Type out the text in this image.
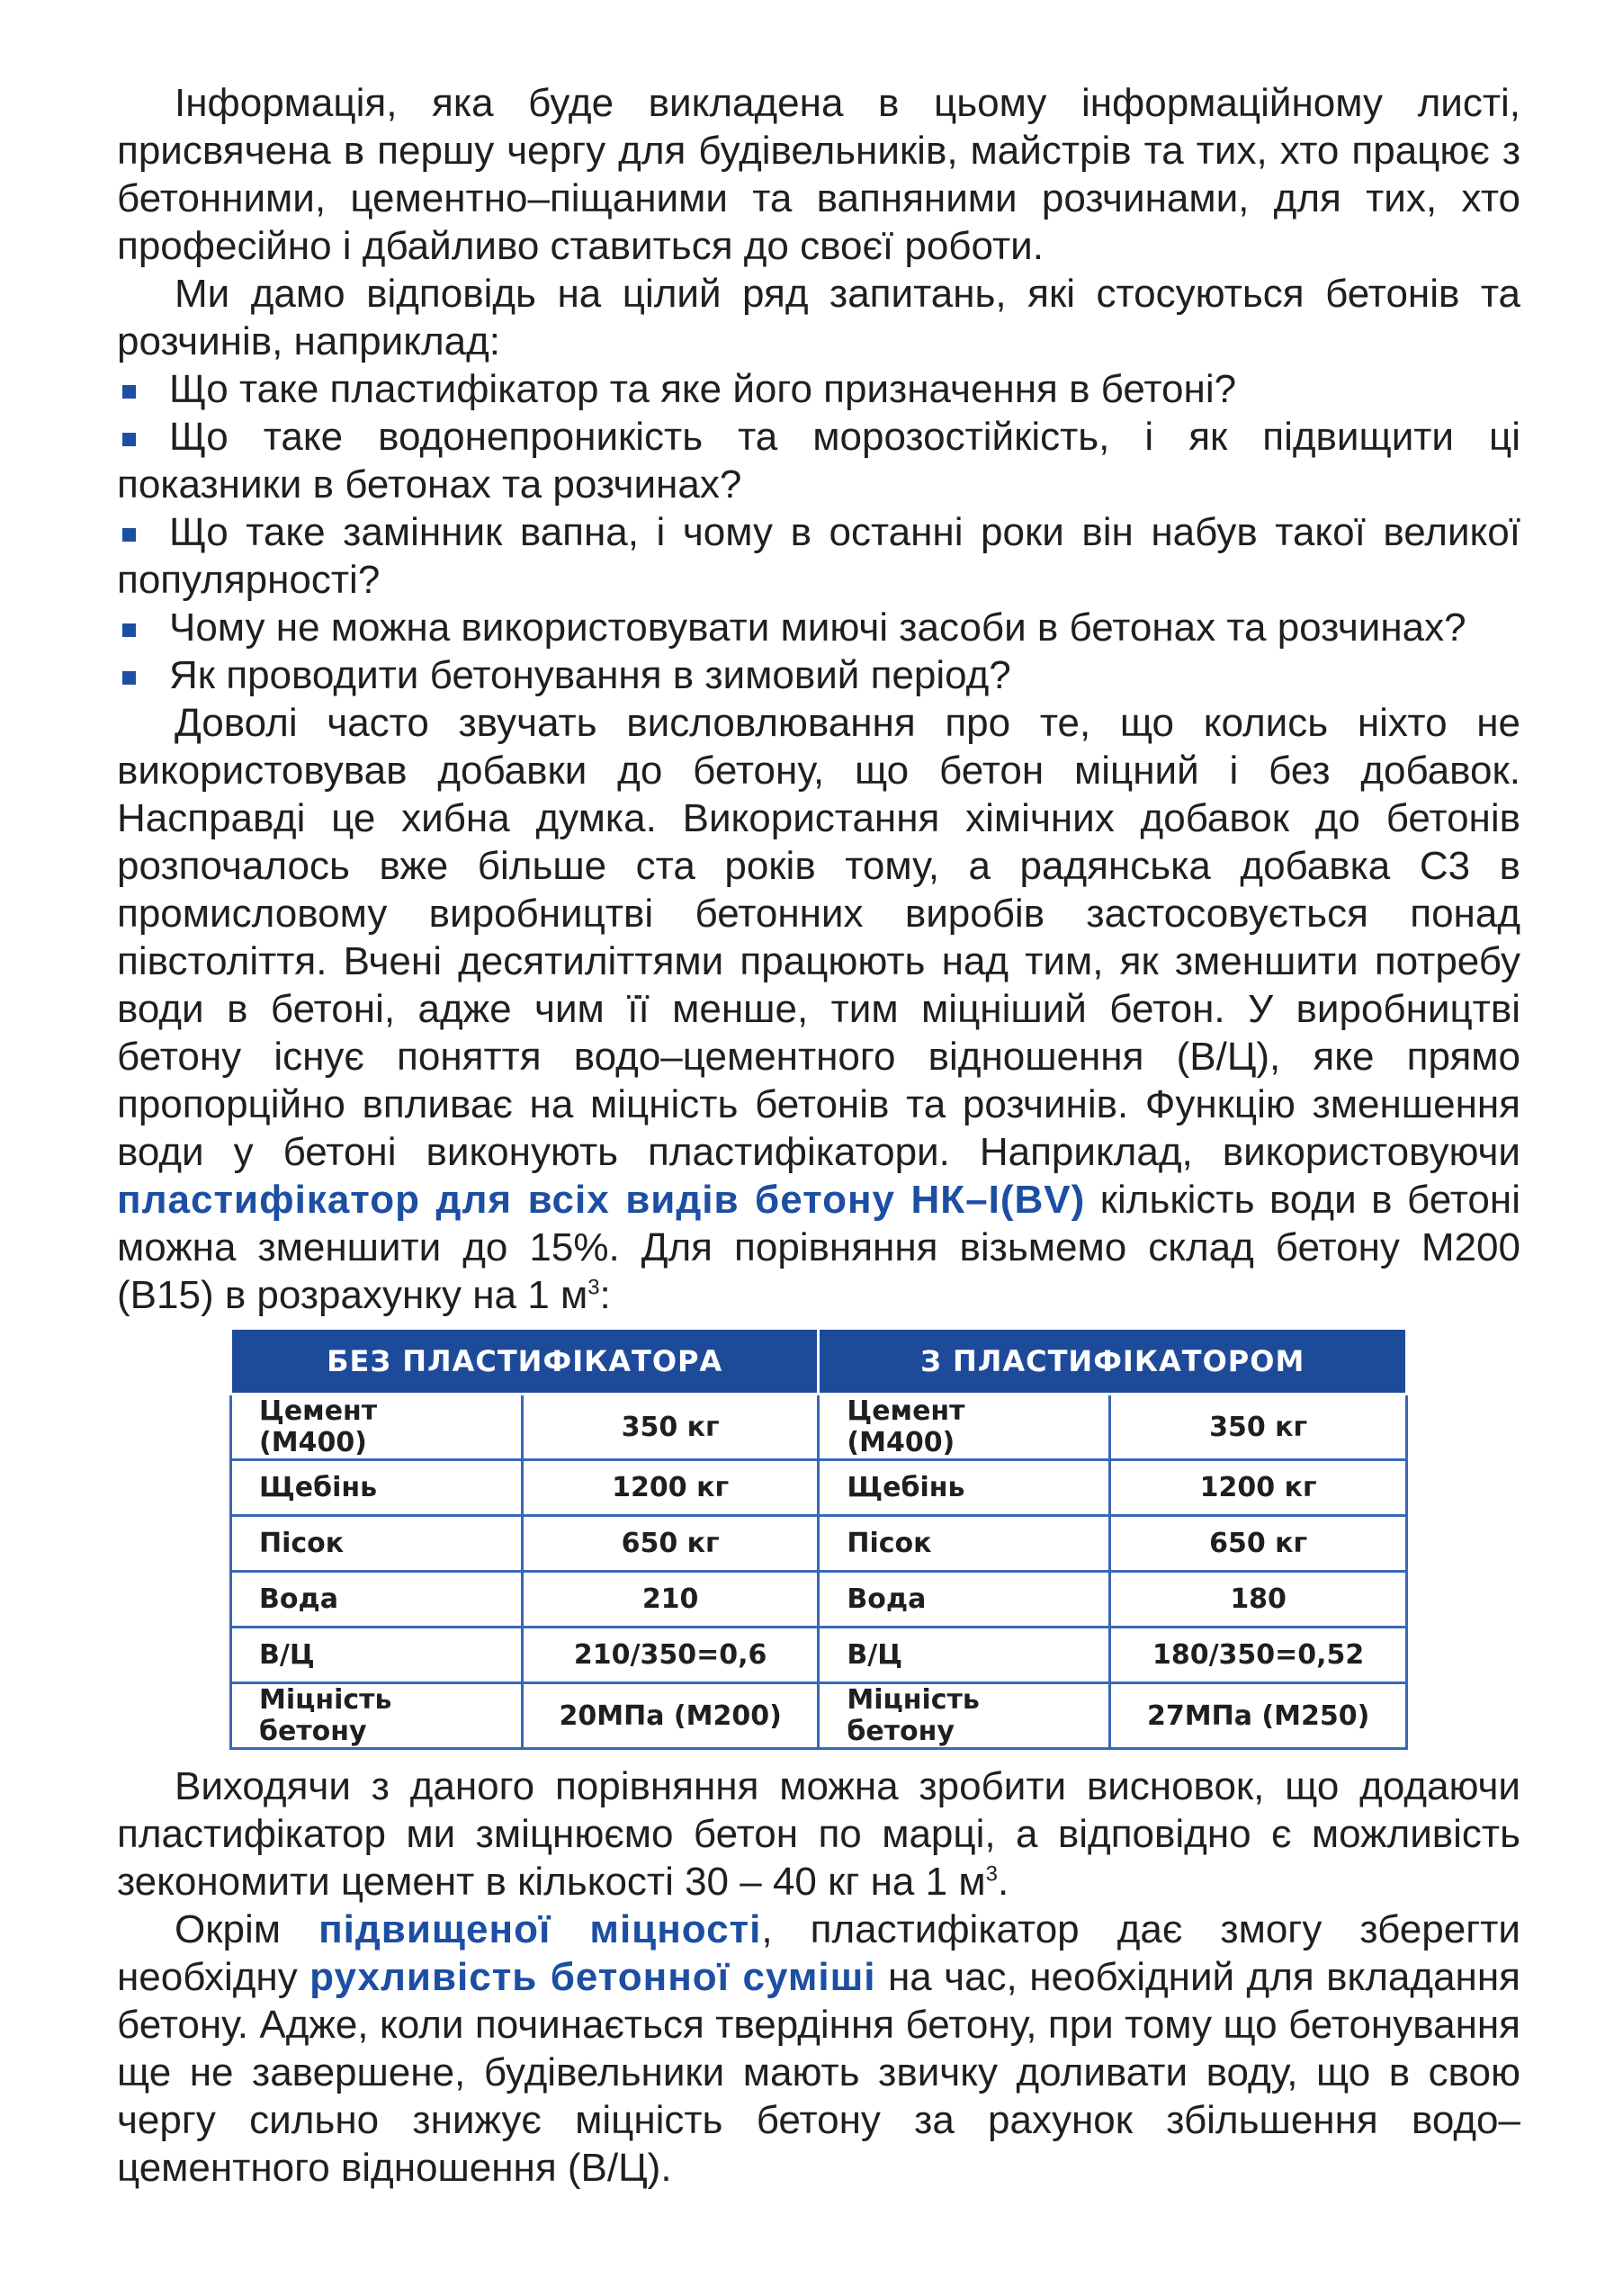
Інформація, яка буде викладена в цьому інформаційному листі, присвячена в першу чергу для будівельників, майстрів та тих, хто працює з бетонними, цементно–піщаними та вапняними розчинами, для тих, хто професійно і дбайливо ставиться до своєї роботи.

Ми дамо відповідь на цілий ряд запитань, які стосуються бетонів та розчинів, наприклад:

Що таке пластифікатор та яке його призначення в бетоні?
Що таке водонепроникість та морозостійкість, і як підвищити ці показники в бетонах та розчинах?
Що таке замінник вапна, і чому в останні роки він набув такої великої популярності?
Чому не можна використовувати миючі засоби в бетонах та розчинах?
Як проводити бетонування в зимовий період?

Доволі часто звучать висловлювання про те, що колись ніхто не використовував добавки до бетону, що бетон міцний і без добавок. Насправді це хибна думка. Використання хімічних добавок до бетонів розпочалось вже більше ста років тому, а радянська добавка С3 в промисловому виробництві бетонних виробів застосовується понад півстоліття. Вчені десятиліттями працюють над тим, як зменшити потребу води в бетоні, адже чим її менше, тим міцніший бетон. У виробництві бетону існує поняття водо–цементного відношення (В/Ц), яке прямо пропорційно впливає на міцність бетонів та розчинів. Функцію зменшення води у бетоні виконують пластифікатори. Наприклад, використовуючи пластифікатор для всіх видів бетону НК–I(BV) кількість води в бетоні можна зменшити до 15%. Для порівняння візьмемо склад бетону М200 (В15) в розрахунку на 1 $м^3$:

БЕЗ ПЛАСТИФІКАТОРА		З ПЛАСТИФІКАТОРОМ	
Цемент (М400)	350 кг	Цемент (М400)	350 кг
Щебінь	1200 кг	Щебінь	1200 кг
Пісок	650 кг	Пісок	650 кг
Вода	210	Вода	180
В/Ц	210/350=0,6	В/Ц	180/350=0,52
Міцність бетону	20МПа (М200)	Міцність бетону	27МПа (М250)

Виходячи з даного порівняння можна зробити висновок, що додаючи пластифікатор ми зміцнюємо бетон по марці, а відповідно є можливість зекономити цемент в кількості 30 – 40 кг на 1 $м^3$.

Окрім підвищеної міцності, пластифікатор дає змогу зберегти необхідну рухливість бетонної суміші на час, необхідний для вкладання бетону. Адже, коли починається твердіння бетону, при тому що бетонування ще не завершене, будівельники мають звичку доливати воду, що в свою чергу сильно знижує міцність бетону за рахунок збільшення водо–цементного відношення (В/Ц).
